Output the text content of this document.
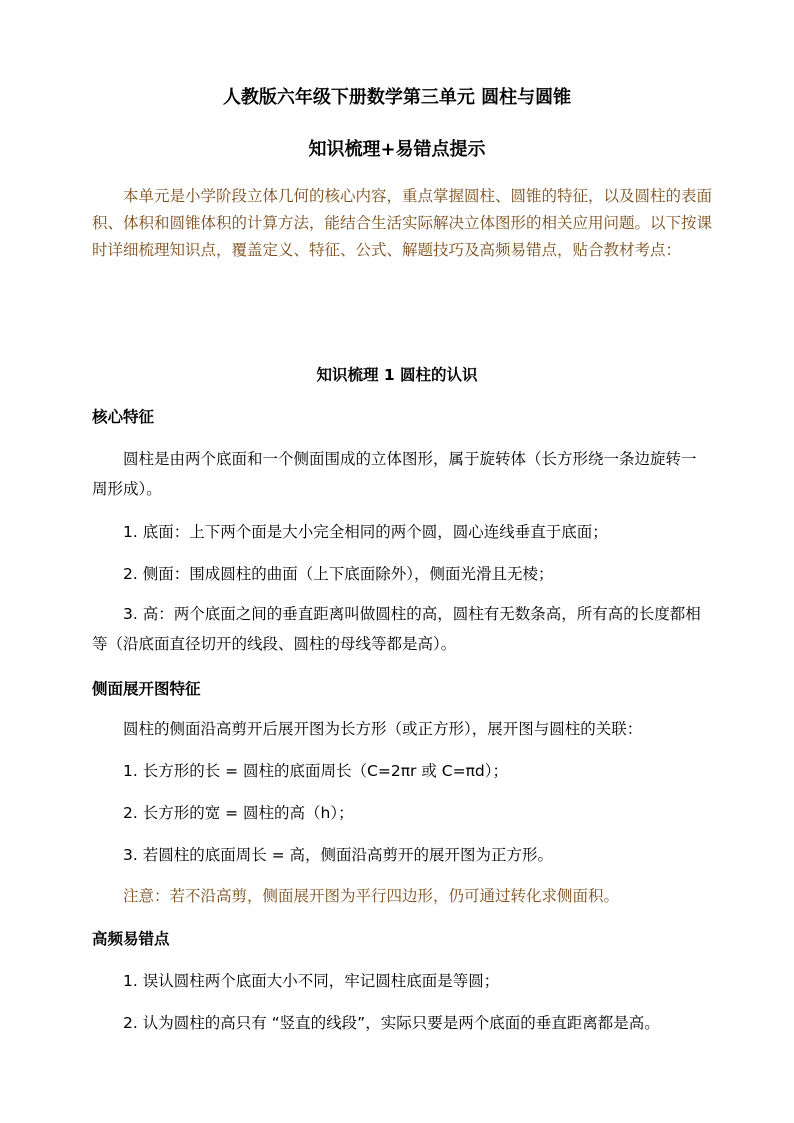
人教版六年级下册数学第三单元 圆柱与圆锥
知识梳理+易错点提示

本单元是小学阶段立体几何的核心内容，重点掌握圆柱、圆锥的特征，以及圆柱的表面积、体积和圆锥体积的计算方法，能结合生活实际解决立体图形的相关应用问题。以下按课时详细梳理知识点，覆盖定义、特征、公式、解题技巧及高频易错点，贴合教材考点：

知识梳理 1 圆柱的认识
核心特征

圆柱是由两个底面和一个侧面围成的立体图形，属于旋转体（长方形绕一条边旋转一周形成）。

1. 底面：上下两个面是大小完全相同的两个圆，圆心连线垂直于底面；

2. 侧面：围成圆柱的曲面（上下底面除外），侧面光滑且无棱；

3. 高：两个底面之间的垂直距离叫做圆柱的高，圆柱有无数条高，所有高的长度都相等（沿底面直径切开的线段、圆柱的母线等都是高）。

侧面展开图特征

圆柱的侧面沿高剪开后展开图为长方形（或正方形），展开图与圆柱的关联：

1. 长方形的长 = 圆柱的底面周长（C=2πr 或 C=πd）；

2. 长方形的宽 = 圆柱的高（h）；

3. 若圆柱的底面周长 = 高，侧面沿高剪开的展开图为正方形。

注意：若不沿高剪，侧面展开图为平行四边形，仍可通过转化求侧面积。

高频易错点

1. 误认圆柱两个底面大小不同，牢记圆柱底面是等圆；

2. 认为圆柱的高只有 “竖直的线段”，实际只要是两个底面的垂直距离都是高。
